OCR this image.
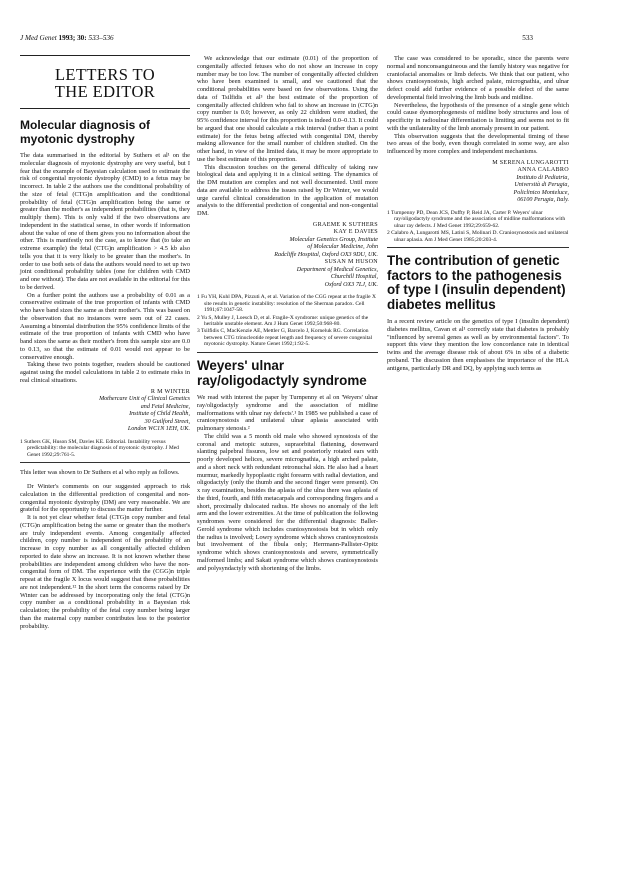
J Med Genet 1993; 30: 533–536	533
LETTERS TO
THE EDITOR
Molecular diagnosis of myotonic dystrophy

The data summarised in the editorial by Suthers et al¹ on the molecular diagnosis of myotonic dystrophy are very useful, but I fear that the example of Bayesian calculation used to estimate the risk of congenital myotonic dystrophy (CMD) to a fetus may be incorrect. In table 2 the authors use the conditional probability of the size of fetal (CTG)n amplification and the conditional probability of fetal (CTG)n amplification being the same or greater than the mother's as independent probabilities (that is, they multiply them). This is only valid if the two observations are independent in the statistical sense, in other words if information about the value of one of them gives you no information about the other. This is manifestly not the case, as to know that (to take an extreme example) the fetal (CTG)n amplification > 4.5 kb also tells you that it is very likely to be greater than the mother's. In order to use both sets of data the authors would need to set up two joint conditional probability tables (one for children with CMD and one without). The data are not available in the editorial for this to be derived.

On a further point the authors use a probability of 0.01 as a conservative estimate of the true proportion of infants with CMD who have band sizes the same as their mother's. This was based on the observation that no instances were seen out of 22 cases. Assuming a binomial distribution the 95% confidence limits of the estimate of the true proportion of infants with CMD who have band sizes the same as their mother's from this sample size are 0.0 to 0.13, so that the estimate of 0.01 would not appear to be conservative enough.

Taking these two points together, readers should be cautioned against using the model calculations in table 2 to estimate risks in real clinical situations.

R M WINTER
Mothercare Unit of Clinical Genetics
and Fetal Medicine,
Institute of Child Health,
30 Guilford Street,
London WC1N 1EH, UK.
1 Suthers GK, Huson SM, Davies KE. Editorial. Instability versus predictability: the molecular diagnosis of myotonic dystrophy. J Med Genet 1992;29:761-5.

This letter was shown to Dr Suthers et al who reply as follows.

Dr Winter's comments on our suggested approach to risk calculation in the differential prediction of congenital and non-congenital myotonic dystrophy (DM) are very reasonable. We are grateful for the opportunity to discuss the matter further.

It is not yet clear whether fetal (CTG)n copy number and fetal (CTG)n amplification being the same or greater than the mother's are truly independent events. Among congenitally affected children, copy number is independent of the probability of an increase in copy number as all congenitally affected children reported to date show an increase. It is not known whether these probabilities are independent among children who have the non-congenital form of DM. The experience with the (CGG)n triple repeat at the fragile X locus would suggest that these probabilities are not independent.¹² In the short term the concerns raised by Dr Winter can be addressed by incorporating only the fetal (CTG)n copy number as a conditional probability in a Bayesian risk calculation; the probability of the fetal copy number being larger than the maternal copy number contributes less to the posterior probability.

We acknowledge that our estimate (0.01) of the proportion of congenitally affected fetuses who do not show an increase in copy number may be too low. The number of congenitally affected children who have been examined is small, and we cautioned that the conditional probabilities were based on few observations. Using the data of Tsilfidis et al³ the best estimate of the proportion of congenitally affected children who fail to show an increase in (CTG)n copy number is 0.0; however, as only 22 children were studied, the 95% confidence interval for this proportion is indeed 0.0–0.13. It could be argued that one should calculate a risk interval (rather than a point estimate) for the fetus being affected with congenital DM, thereby making allowance for the small number of children studied. On the other hand, in view of the limited data, it may be more appropriate to use the best estimate of this proportion.

This discussion touches on the general difficulty of taking raw biological data and applying it in a clinical setting. The dynamics of the DM mutation are complex and not well documented. Until more data are available to address the issues raised by Dr Winter, we would urge careful clinical consideration in the application of mutation analysis to the differential prediction of congenital and non-congenital DM.

GRAEME K SUTHERS
KAY E DAVIES
Molecular Genetics Group, Institute
of Molecular Medicine, John
Radcliffe Hospital, Oxford OX3 9DU, UK.
SUSAN M HUSON
Department of Medical Genetics,
Churchill Hospital,
Oxford OX3 7LJ, UK.
1 Fu YH, Kuhl DPA, Pizzuti A, et al. Variation of the CGG repeat at the fragile X site results in genetic instability: resolution of the Sherman paradox. Cell 1991;67:1047-58.
2 Yu S, Mulley J, Loesch D, et al. Fragile-X syndrome: unique genetics of the heritable unstable element. Am J Hum Genet 1992;50:968-80.
3 Tsilfidis C, MacKenzie AE, Mettler G, Barcelo J, Korneluk RG. Correlation between CTG trinucleotide repeat length and frequency of severe congenital myotonic dystrophy. Nature Genet 1992;1:92-5.
Weyers' ulnar ray/oligodactyly syndrome

We read with interest the paper by Turnpenny et al on 'Weyers' ulnar ray/oligodactyly syndrome and the association of midline malformations with ulnar ray defects'.¹ In 1985 we published a case of craniosynostosis and unilateral ulnar aplasia associated with pulmonary stenosis.²

The child was a 5 month old male who showed synostosis of the coronal and metopic sutures, supraorbital flattening, downward slanting palpebral fissures, low set and posteriorly rotated ears with poorly developed helices, severe micrognathia, a high arched palate, and a short neck with redundant retronuchal skin. He also had a heart murmur, markedly hypoplastic right forearm with radial deviation, and oligodactyly (only the thumb and the second finger were present). On x ray examination, besides the aplasia of the ulna there was aplasia of the third, fourth, and fifth metacarpals and corresponding fingers and a short, proximally dislocated radius. He shows no anomaly of the left arm and the lower extremities. At the time of publication the following syndromes were considered for the differential diagnosis: Baller-Gerold syndrome which includes craniosynostosis but in which only the radius is involved; Lowry syndrome which shows craniosynostosis but involvement of the fibula only; Herrmann-Pallister-Opitz syndrome which shows craniosynostosis and severe, symmetrically malformed limbs; and Sakati syndrome which shows craniosynostosis and polysyndactyly with shortening of the limbs.

The case was considered to be sporadic, since the parents were normal and nonconsanguineous and the family history was negative for craniofacial anomalies or limb defects. We think that our patient, who shows craniosynostosis, high arched palate, micrognathia, and ulnar defect could add further evidence of a possible defect of the same developmental field involving the limb buds and midline.

Nevertheless, the hypothesis of the presence of a single gene which could cause dysmorphogenesis of midline body structures and loss of specificity in radioulnar differentiation is limiting and seems not to fit with the unilaterality of the limb anomaly present in our patient.

This observation suggests that the developmental timing of these two areas of the body, even though correlated in some way, are also influenced by more complex and independent mechanisms.

M SERENA LUNGAROTTI
ANNA CALABRO
Instituto di Pediatria,
Università di Perugia,
Policlinico Monteluce,
06100 Perugia, Italy.
1 Turnpenny PD, Dean JCS, Duffty P, Reid JA, Carter P. Weyers' ulnar ray/oligodactyly syndrome and the association of midline malformations with ulnar ray defects. J Med Genet 1992;29:659-62.
2 Calabro A, Lungarotti MS, Latini S, Molinari D. Craniosynostosis and unilateral ulnar aplasia. Am J Med Genet 1985;20:203-4.
The contribution of genetic factors to the pathogenesis of type I (insulin dependent) diabetes mellitus

In a recent review article on the genetics of type I (insulin dependent) diabetes mellitus, Cavan et al¹ correctly state that diabetes is probably "influenced by several genes as well as by environmental factors". To support this view they mention the low concordance rate in identical twins and the average disease risk of about 6% in sibs of a diabetic proband. The discussion then emphasises the importance of the HLA antigens, particularly DR and DQ, by applying such terms as
